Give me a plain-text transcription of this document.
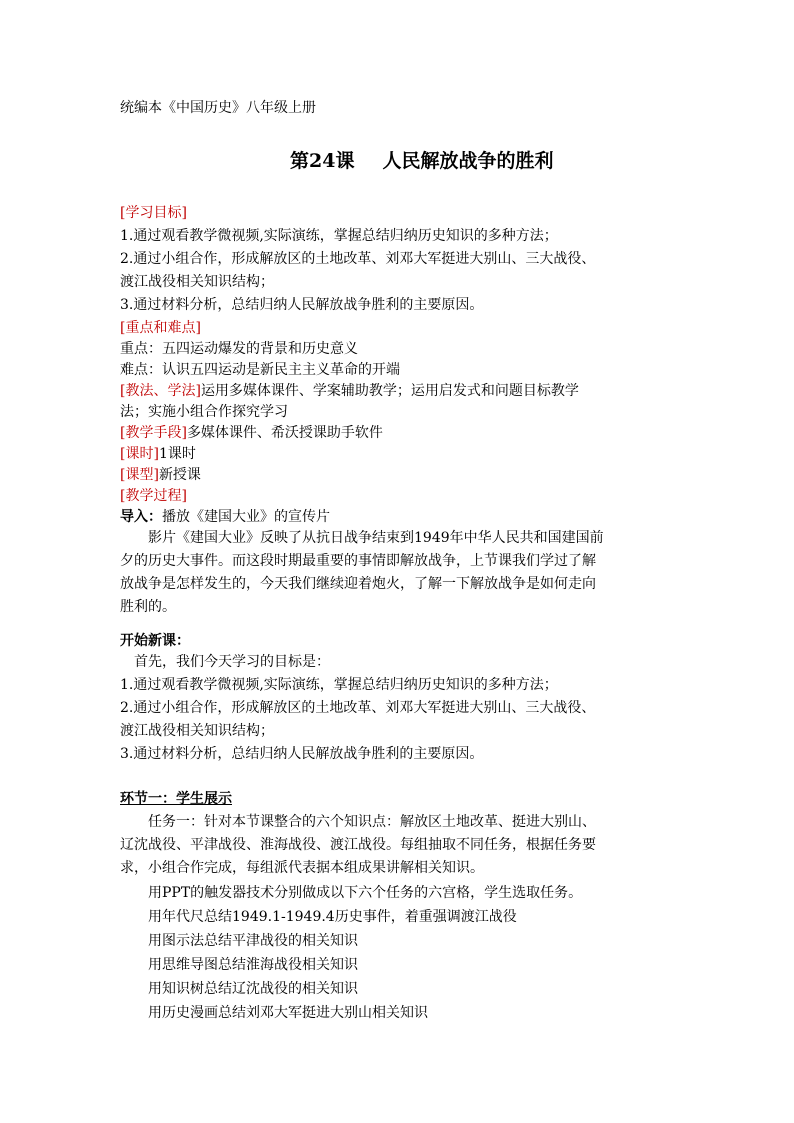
统编本《中国历史》八年级上册
第24课 人民解放战争的胜利
[学习目标]
1.通过观看教学微视频,实际演练，掌握总结归纳历史知识的多种方法；
2.通过小组合作，形成解放区的土地改革、刘邓大军挺进大别山、三大战役、
渡江战役相关知识结构；
3.通过材料分析，总结归纳人民解放战争胜利的主要原因。
[重点和难点]
重点：五四运动爆发的背景和历史意义
难点：认识五四运动是新民主主义革命的开端
[教法、学法]运用多媒体课件、学案辅助教学；运用启发式和问题目标教学
法；实施小组合作探究学习
[教学手段]多媒体课件、希沃授课助手软件
[课时]1课时
[课型]新授课
[教学过程]
导入：播放《建国大业》的宣传片
影片《建国大业》反映了从抗日战争结束到1949年中华人民共和国建国前
夕的历史大事件。而这段时期最重要的事情即解放战争，上节课我们学过了解
放战争是怎样发生的，今天我们继续迎着炮火，了解一下解放战争是如何走向
胜利的。
开始新课：
首先，我们今天学习的目标是：
1.通过观看教学微视频,实际演练，掌握总结归纳历史知识的多种方法；
2.通过小组合作，形成解放区的土地改革、刘邓大军挺进大别山、三大战役、
渡江战役相关知识结构；
3.通过材料分析，总结归纳人民解放战争胜利的主要原因。
环节一：学生展示
任务一：针对本节课整合的六个知识点：解放区土地改革、挺进大别山、
辽沈战役、平津战役、淮海战役、渡江战役。每组抽取不同任务，根据任务要
求，小组合作完成，每组派代表据本组成果讲解相关知识。
用PPT的触发器技术分别做成以下六个任务的六宫格，学生选取任务。
用年代尺总结1949.1-1949.4历史事件，着重强调渡江战役
用图示法总结平津战役的相关知识
用思维导图总结淮海战役相关知识
用知识树总结辽沈战役的相关知识
用历史漫画总结刘邓大军挺进大别山相关知识
